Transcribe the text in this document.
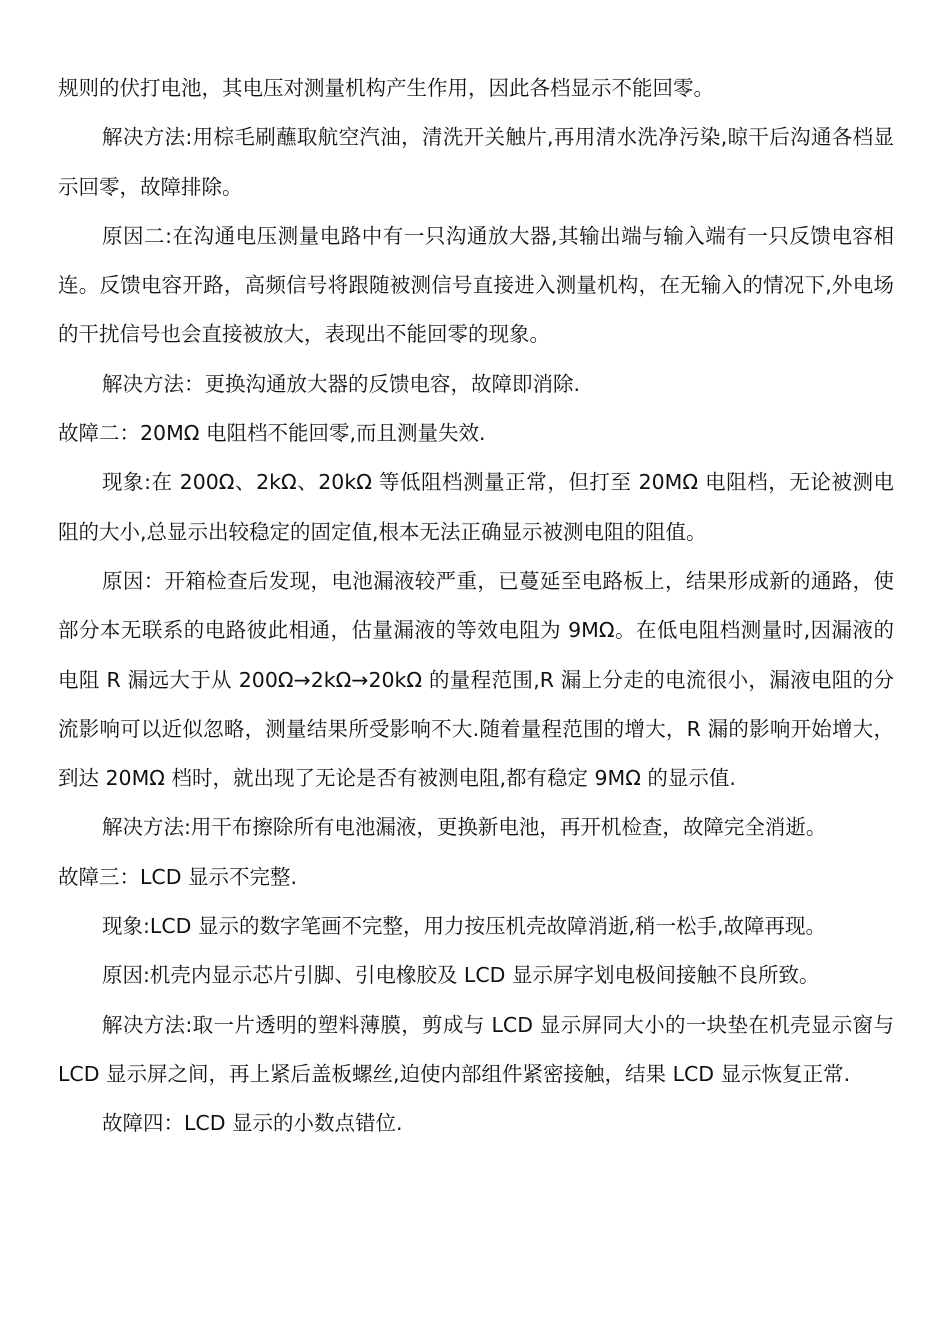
规则的伏打电池，其电压对测量机构产生作用，因此各档显示不能回零。

解决方法:用棕毛刷蘸取航空汽油，清洗开关触片,再用清水洗净污染,晾干后沟通各档显示回零，故障排除。

原因二:在沟通电压测量电路中有一只沟通放大器,其输出端与输入端有一只反馈电容相连。反馈电容开路，高频信号将跟随被测信号直接进入测量机构，在无输入的情况下,外电场的干扰信号也会直接被放大，表现出不能回零的现象。

解决方法：更换沟通放大器的反馈电容，故障即消除.

故障二：20MΩ 电阻档不能回零,而且测量失效.

现象:在 200Ω、2kΩ、20kΩ 等低阻档测量正常，但打至 20MΩ 电阻档，无论被测电阻的大小,总显示出较稳定的固定值,根本无法正确显示被测电阻的阻值。

原因：开箱检查后发现，电池漏液较严重，已蔓延至电路板上，结果形成新的通路，使部分本无联系的电路彼此相通，估量漏液的等效电阻为 9MΩ。在低电阻档测量时,因漏液的电阻 R 漏远大于从 200Ω→2kΩ→20kΩ 的量程范围,R 漏上分走的电流很小，漏液电阻的分流影响可以近似忽略，测量结果所受影响不大.随着量程范围的增大，R 漏的影响开始增大，到达 20MΩ 档时，就出现了无论是否有被测电阻,都有稳定 9MΩ 的显示值.

解决方法:用干布擦除所有电池漏液，更换新电池，再开机检查，故障完全消逝。

故障三：LCD 显示不完整.

现象:LCD 显示的数字笔画不完整，用力按压机壳故障消逝,稍一松手,故障再现。

原因:机壳内显示芯片引脚、引电橡胶及 LCD 显示屏字划电极间接触不良所致。

解决方法:取一片透明的塑料薄膜，剪成与 LCD 显示屏同大小的一块垫在机壳显示窗与 LCD 显示屏之间，再上紧后盖板螺丝,迫使内部组件紧密接触，结果 LCD 显示恢复正常.

故障四：LCD 显示的小数点错位.
